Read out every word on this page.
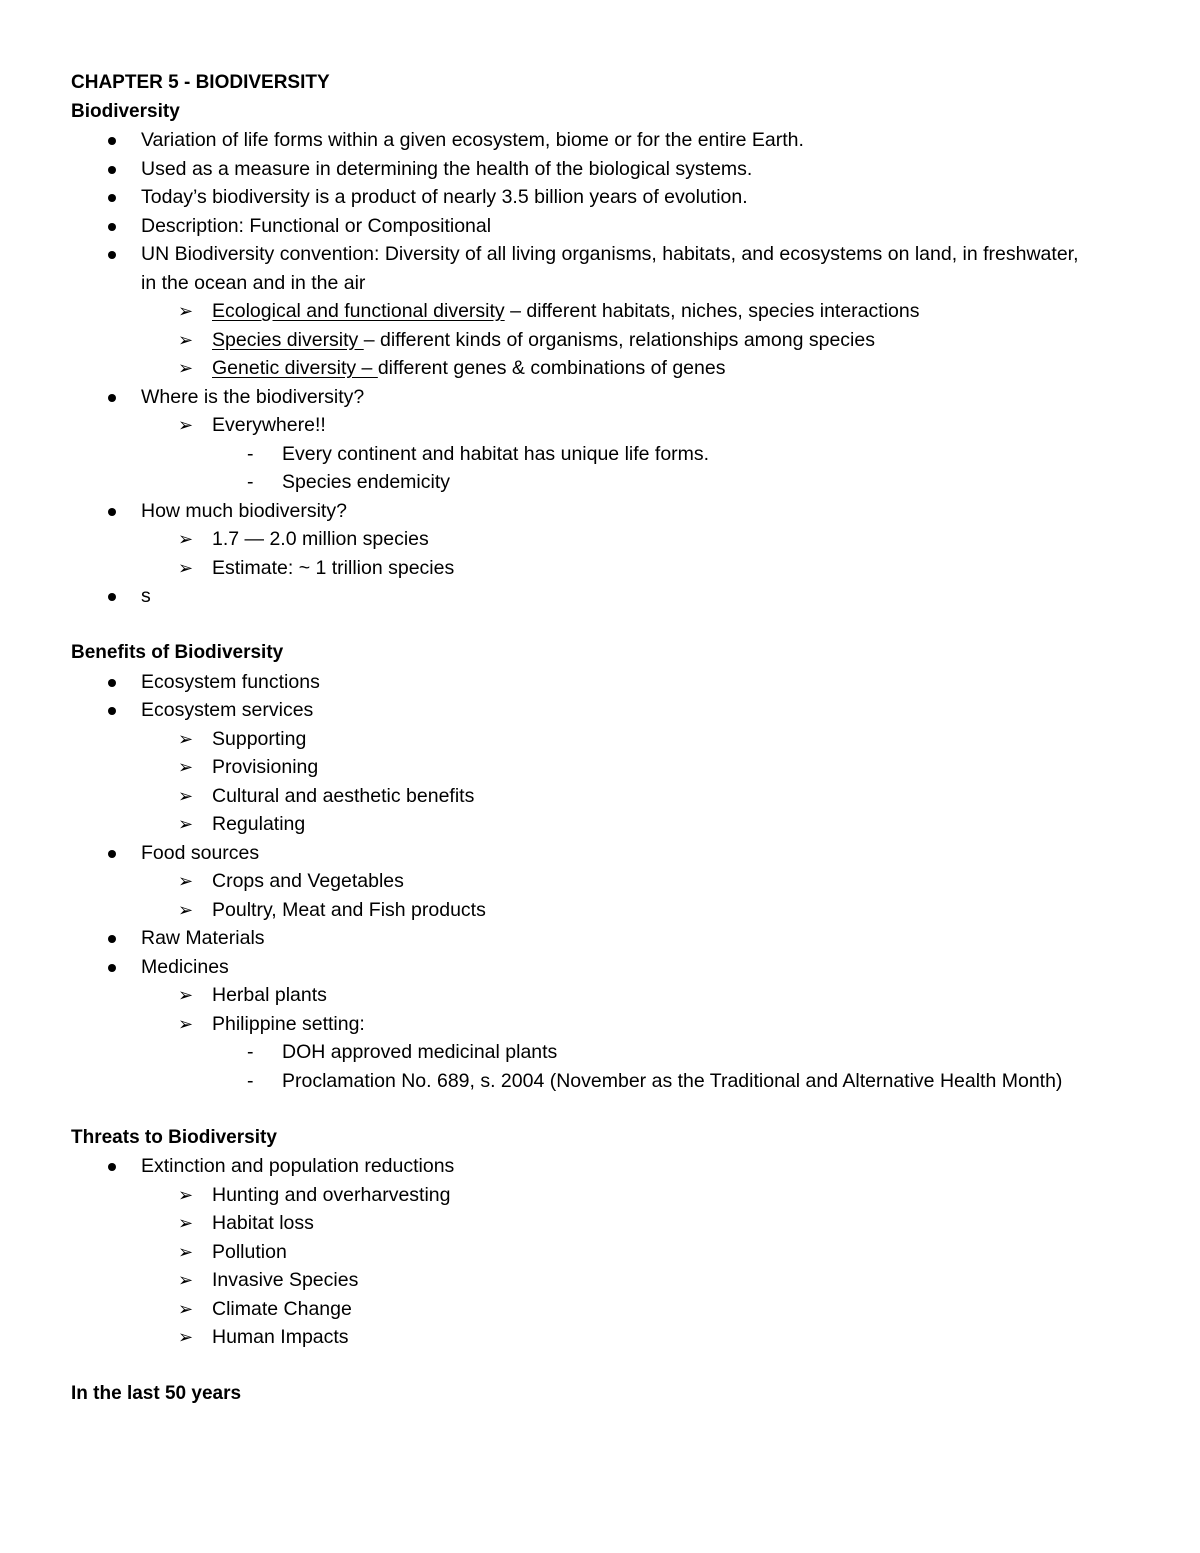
CHAPTER 5 - BIODIVERSITY
Biodiversity
Variation of life forms within a given ecosystem, biome or for the entire Earth.
Used as a measure in determining the health of the biological systems.
Today’s biodiversity is a product of nearly 3.5 billion years of evolution.
Description: Functional or Compositional
UN Biodiversity convention: Diversity of all living organisms, habitats, and ecosystems on land, in freshwater, in the ocean and in the air
➢ Ecological and functional diversity – different habitats, niches, species interactions
➢ Species diversity – different kinds of organisms, relationships among species
➢ Genetic diversity – different genes & combinations of genes
Where is the biodiversity?
➢ Everywhere!!
- Every continent and habitat has unique life forms.
- Species endemicity
How much biodiversity?
➢ 1.7 — 2.0 million species
➢ Estimate: ~ 1 trillion species
s
Benefits of Biodiversity
Ecosystem functions
Ecosystem services
➢ Supporting
➢ Provisioning
➢ Cultural and aesthetic benefits
➢ Regulating
Food sources
➢ Crops and Vegetables
➢ Poultry, Meat and Fish products
Raw Materials
Medicines
➢ Herbal plants
➢ Philippine setting:
- DOH approved medicinal plants
- Proclamation No. 689, s. 2004 (November as the Traditional and Alternative Health Month)
Threats to Biodiversity
Extinction and population reductions
➢ Hunting and overharvesting
➢ Habitat loss
➢ Pollution
➢ Invasive Species
➢ Climate Change
➢ Human Impacts
In the last 50 years
